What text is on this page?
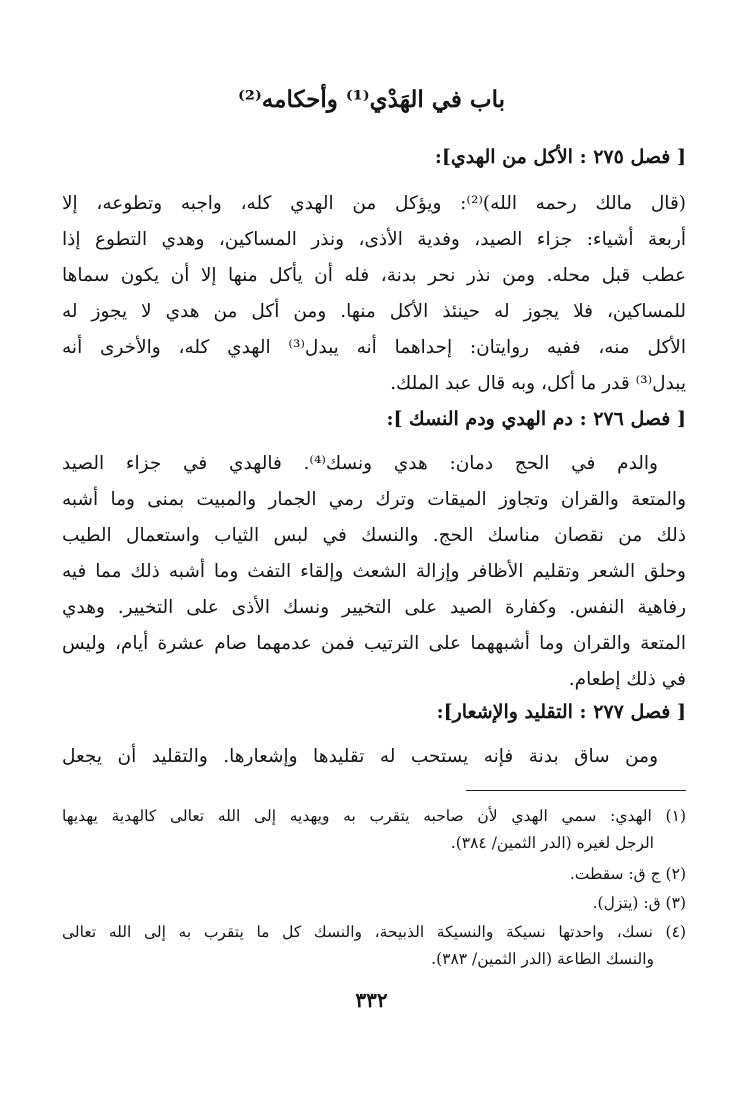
باب في الهَدْي⁽¹⁾ وأحكامه⁽²⁾
[ فصل ٢٧٥ : الأكل من الهدي]:
(قال مالك رحمه الله)⁽²⁾: ويؤكل من الهدي كله، واجبه وتطوعه، إلا
أربعة أشياء: جزاء الصيد، وفدية الأذى، ونذر المساكين، وهدي التطوع إذا
عطب قبل محله. ومن نذر نحر بدنة، فله أن يأكل منها إلا أن يكون سماها
للمساكين، فلا يجوز له حينئذ الأكل منها. ومن أكل من هدي لا يجوز له
الأكل منه، ففيه روايتان: إحداهما أنه يبدل⁽³⁾ الهدي كله، والأخرى أنه
يبدل⁽³⁾ قدر ما أكل، وبه قال عبد الملك.
[ فصل ٢٧٦ : دم الهدي ودم النسك ]:
والدم في الحج دمان: هدي ونسك⁽⁴⁾. فالهدي في جزاء الصيد
والمتعة والقران وتجاوز الميقات وترك رمي الجمار والمبيت بمنى وما أشبه
ذلك من نقصان مناسك الحج. والنسك في لبس الثياب واستعمال الطيب
وحلق الشعر وتقليم الأظافر وإزالة الشعث وإلقاء التفث وما أشبه ذلك مما فيه
رفاهية النفس. وكفارة الصيد على التخيير ونسك الأذى على التخيير. وهدي
المتعة والقران وما أشبههما على الترتيب فمن عدمهما صام عشرة أيام، وليس
في ذلك إطعام.
[ فصل ٢٧٧ : التقليد والإشعار]:
ومن ساق بدنة فإنه يستحب له تقليدها وإشعارها. والتقليد أن يجعل
(١) الهدي: سمي الهدي لأن صاحبه يتقرب به ويهديه إلى الله تعالى كالهدية يهديها
الرجل لغيره (الدر الثمين/ ٣٨٤).
(٢) ج ق: سقطت.
(٣) ق: (يتزل).
(٤) نسك، واحدتها نسيكة والنسيكة الذبيحة، والنسك كل ما يتقرب به إلى الله تعالى
والنسك الطاعة (الدر الثمين/ ٣٨٣).
٣٣٢
